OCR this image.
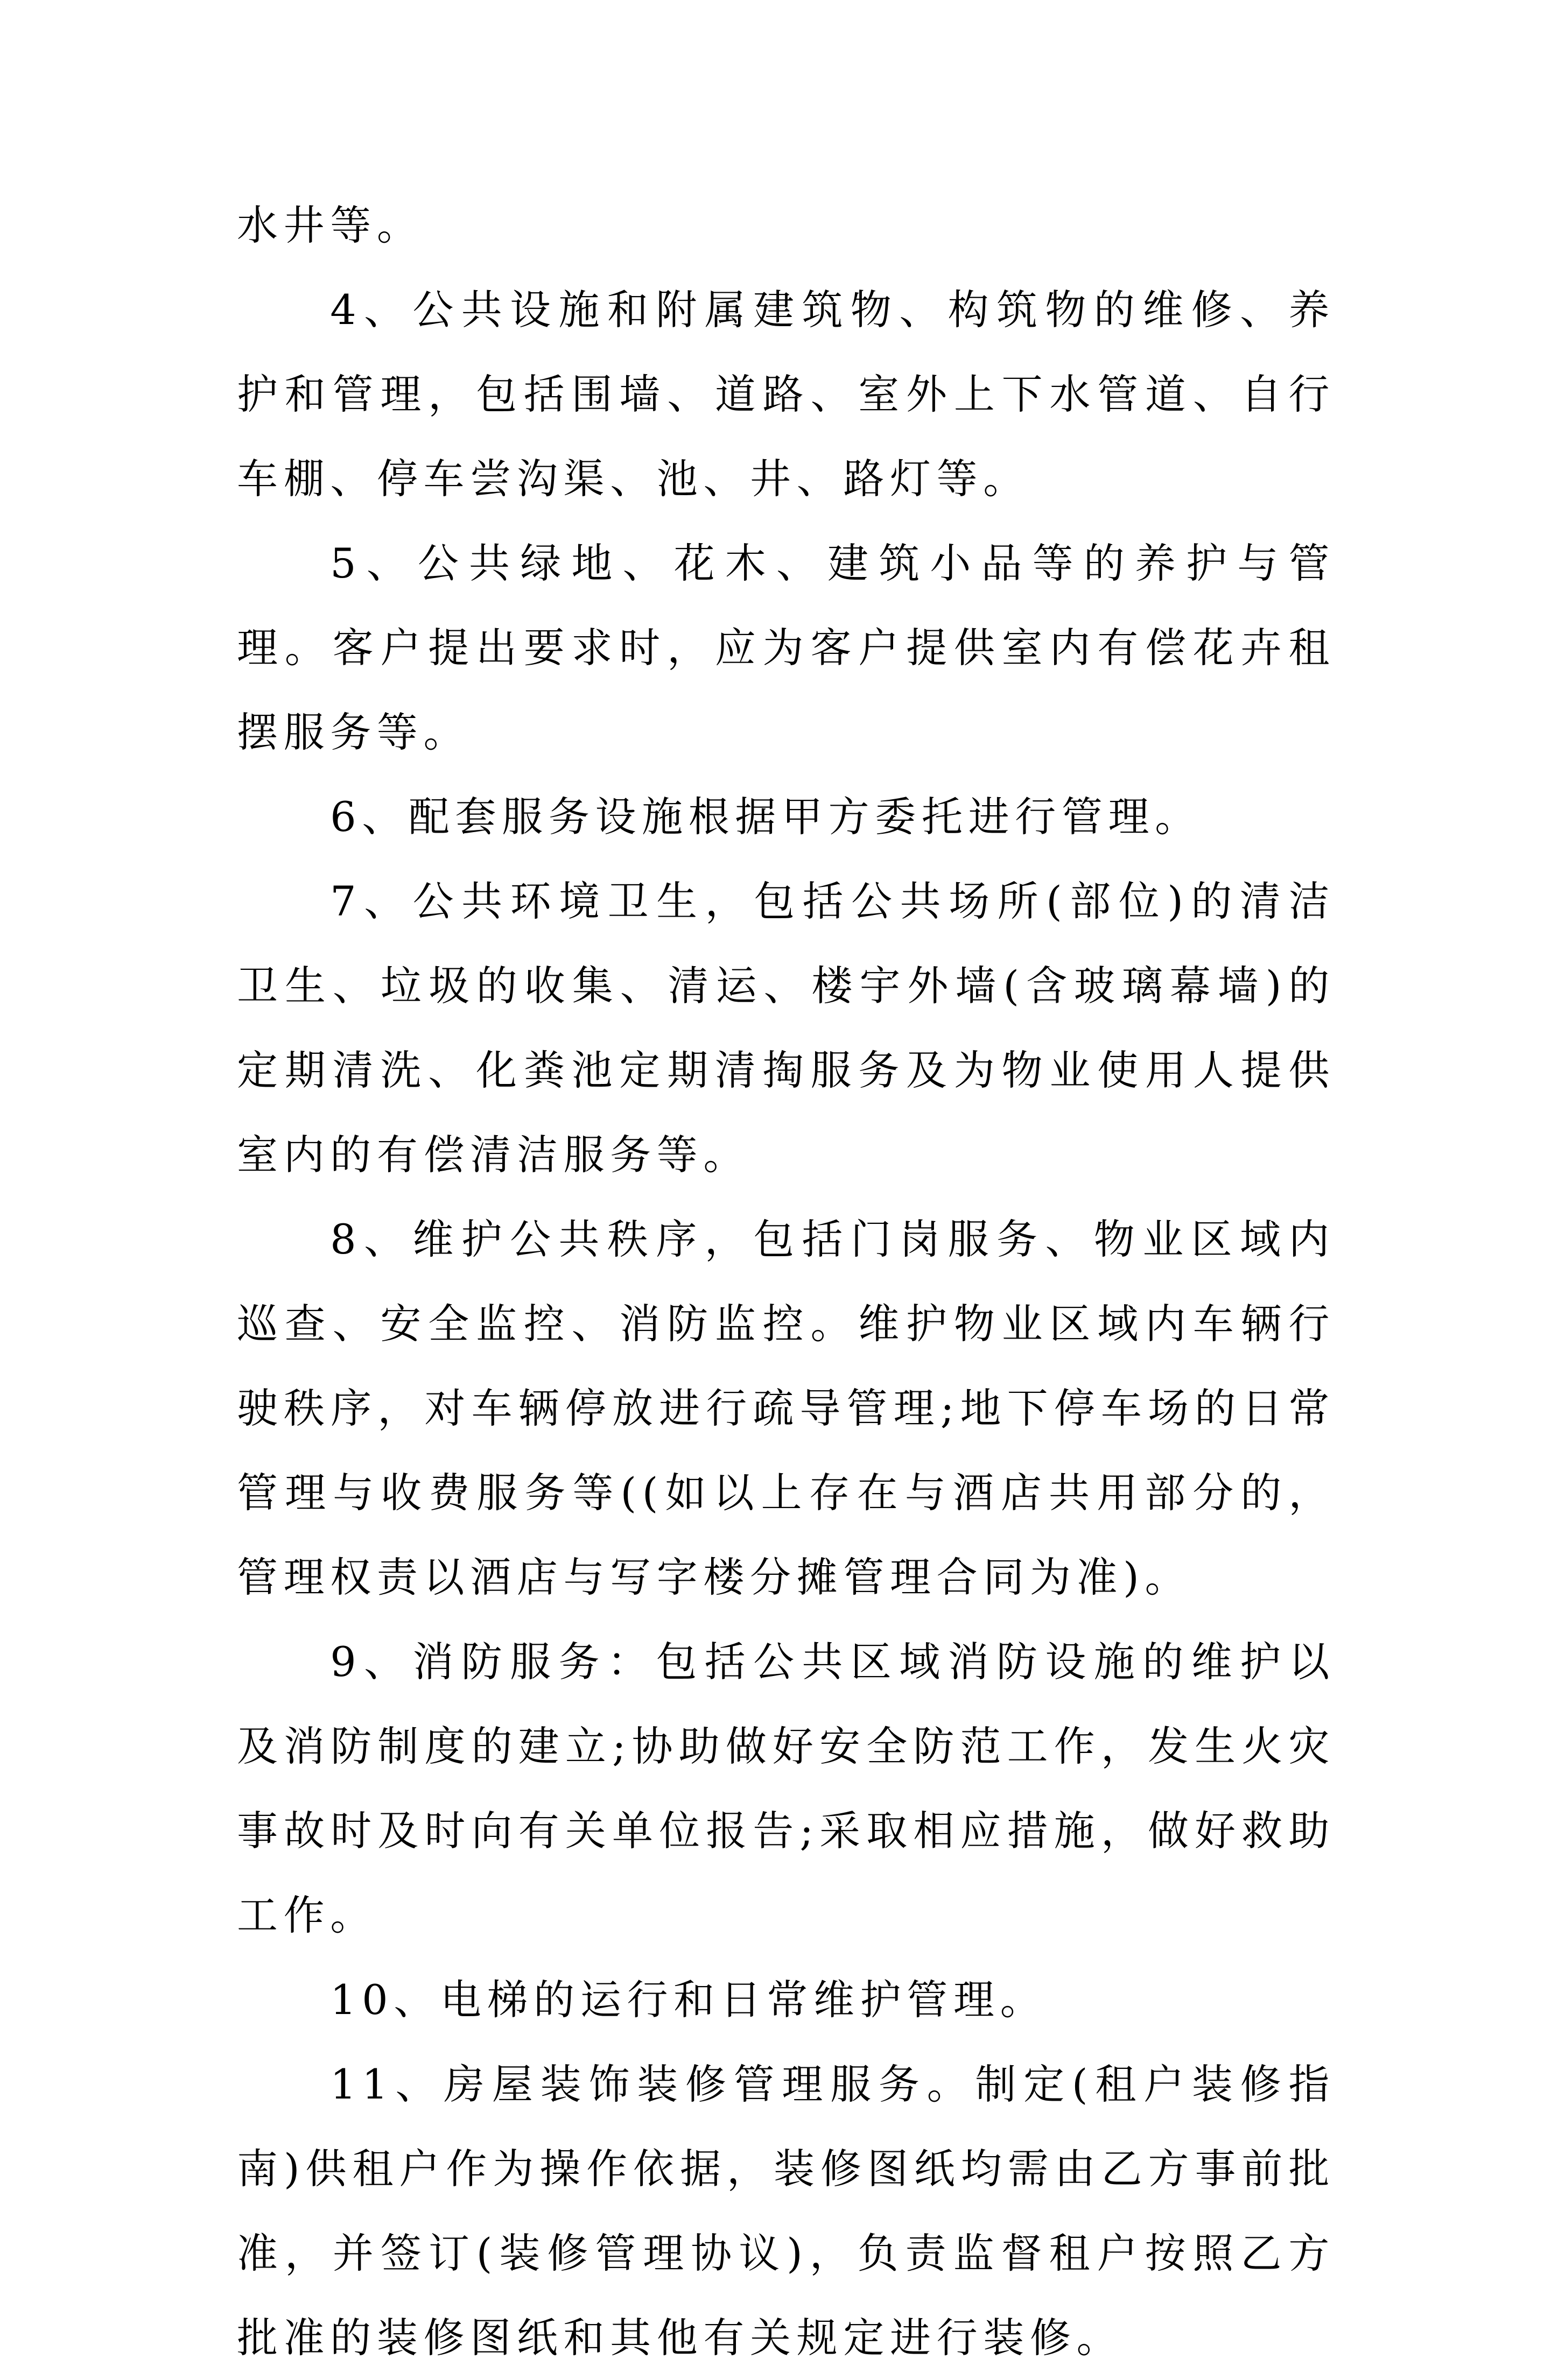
水井等。

4、公共设施和附属建筑物、构筑物的维修、养护和管理，包括围墙、道路、室外上下水管道、自行车棚、停车尝沟渠、池、井、路灯等。

5、公共绿地、花木、建筑小品等的养护与管理。客户提出要求时，应为客户提供室内有偿花卉租摆服务等。

6、配套服务设施根据甲方委托进行管理。

7、公共环境卫生，包括公共场所(部位)的清洁卫生、垃圾的收集、清运、楼宇外墙(含玻璃幕墙)的定期清洗、化粪池定期清掏服务及为物业使用人提供室内的有偿清洁服务等。

8、维护公共秩序，包括门岗服务、物业区域内巡查、安全监控、消防监控。维护物业区域内车辆行驶秩序，对车辆停放进行疏导管理;地下停车场的日常管理与收费服务等((如以上存在与酒店共用部分的，管理权责以酒店与写字楼分摊管理合同为准)。

9、消防服务：包括公共区域消防设施的维护以及消防制度的建立;协助做好安全防范工作，发生火灾事故时及时向有关单位报告;采取相应措施，做好救助工作。

10、电梯的运行和日常维护管理。

11、房屋装饰装修管理服务。制定(租户装修指南)供租户作为操作依据，装修图纸均需由乙方事前批准，并签订(装修管理协议)，负责监督租户按照乙方批准的装修图纸和其他有关规定进行装修。
